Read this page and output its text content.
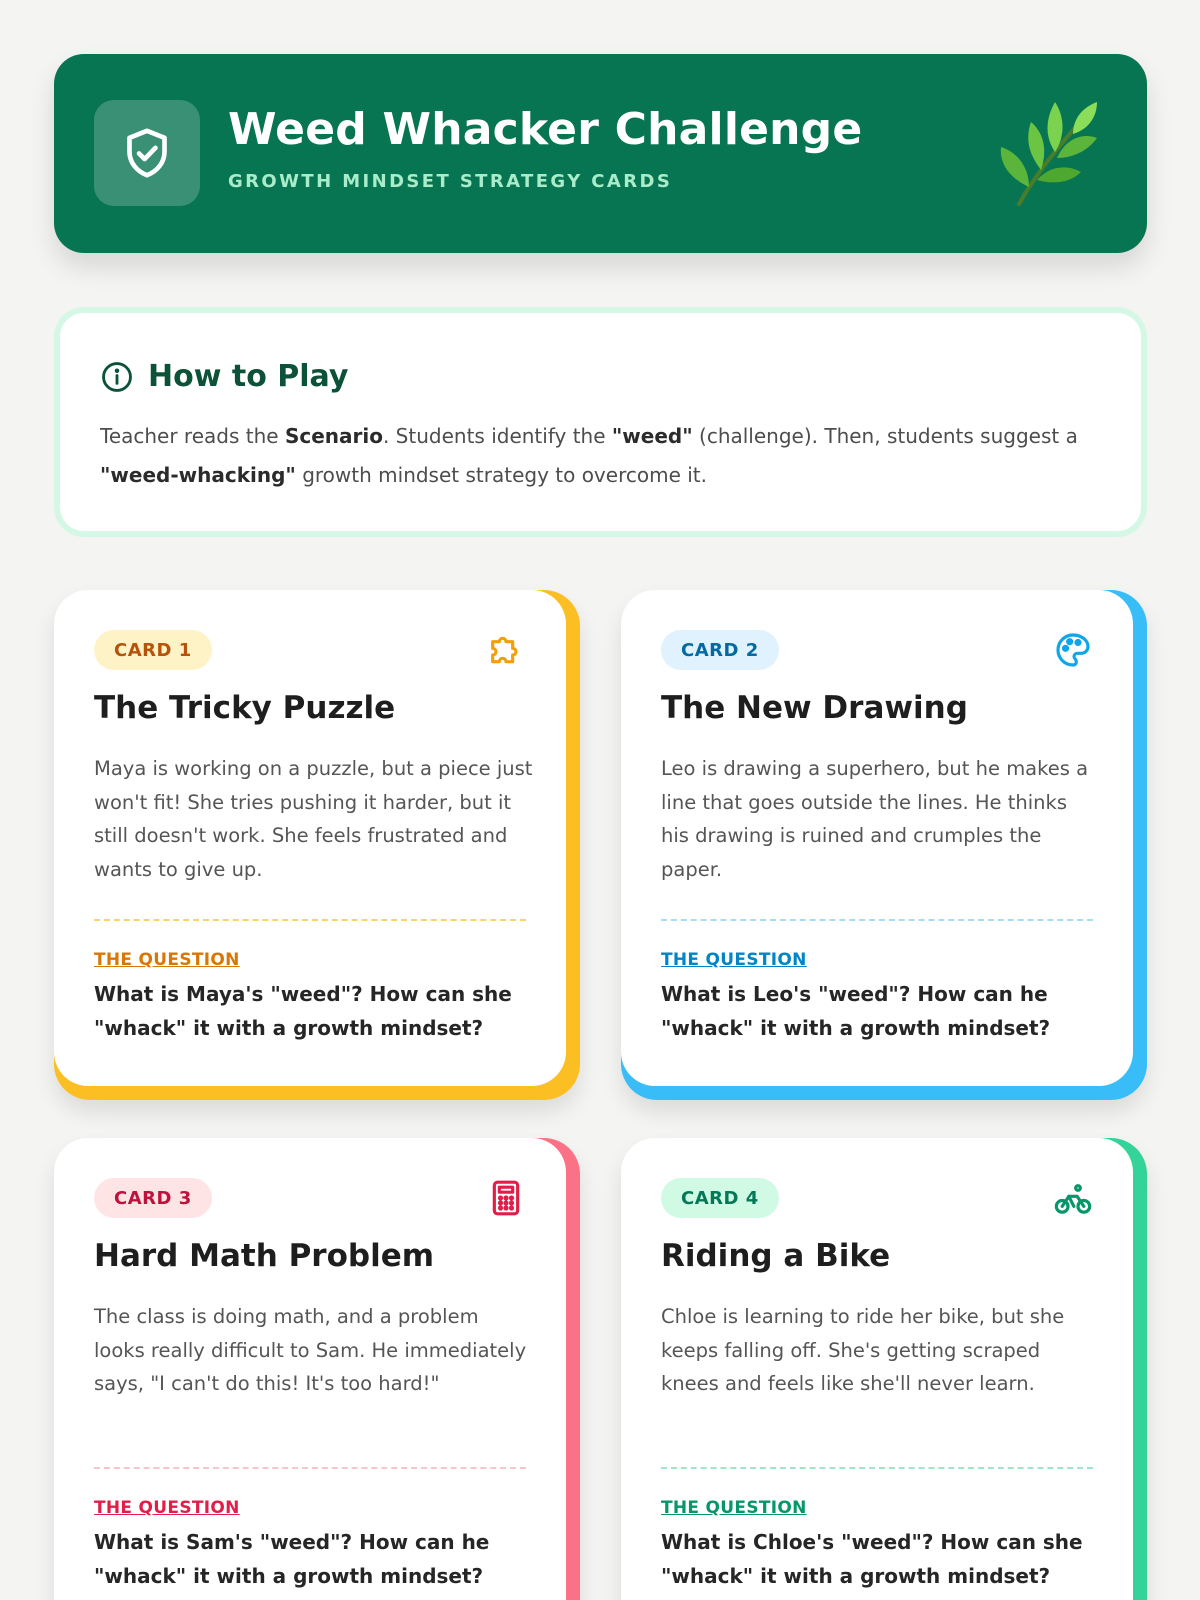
Weed Whacker Challenge
GROWTH MINDSET STRATEGY CARDS
How to Play
Teacher reads the Scenario. Students identify the "weed" (challenge). Then, students suggest a
"weed-whacking" growth mindset strategy to overcome it.
CARD 1
The Tricky Puzzle
Maya is working on a puzzle, but a piece just won't fit! She tries pushing it harder, but it still doesn't work. She feels frustrated and wants to give up.
THE QUESTION
What is Maya's "weed"? How can she "whack" it with a growth mindset?
CARD 2
The New Drawing
Leo is drawing a superhero, but he makes a line that goes outside the lines. He thinks his drawing is ruined and crumples the paper.
THE QUESTION
What is Leo's "weed"? How can he "whack" it with a growth mindset?
CARD 3
Hard Math Problem
The class is doing math, and a problem looks really difficult to Sam. He immediately says, "I can't do this! It's too hard!"
THE QUESTION
What is Sam's "weed"? How can he "whack" it with a growth mindset?
CARD 4
Riding a Bike
Chloe is learning to ride her bike, but she keeps falling off. She's getting scraped knees and feels like she'll never learn.
THE QUESTION
What is Chloe's "weed"? How can she "whack" it with a growth mindset?
